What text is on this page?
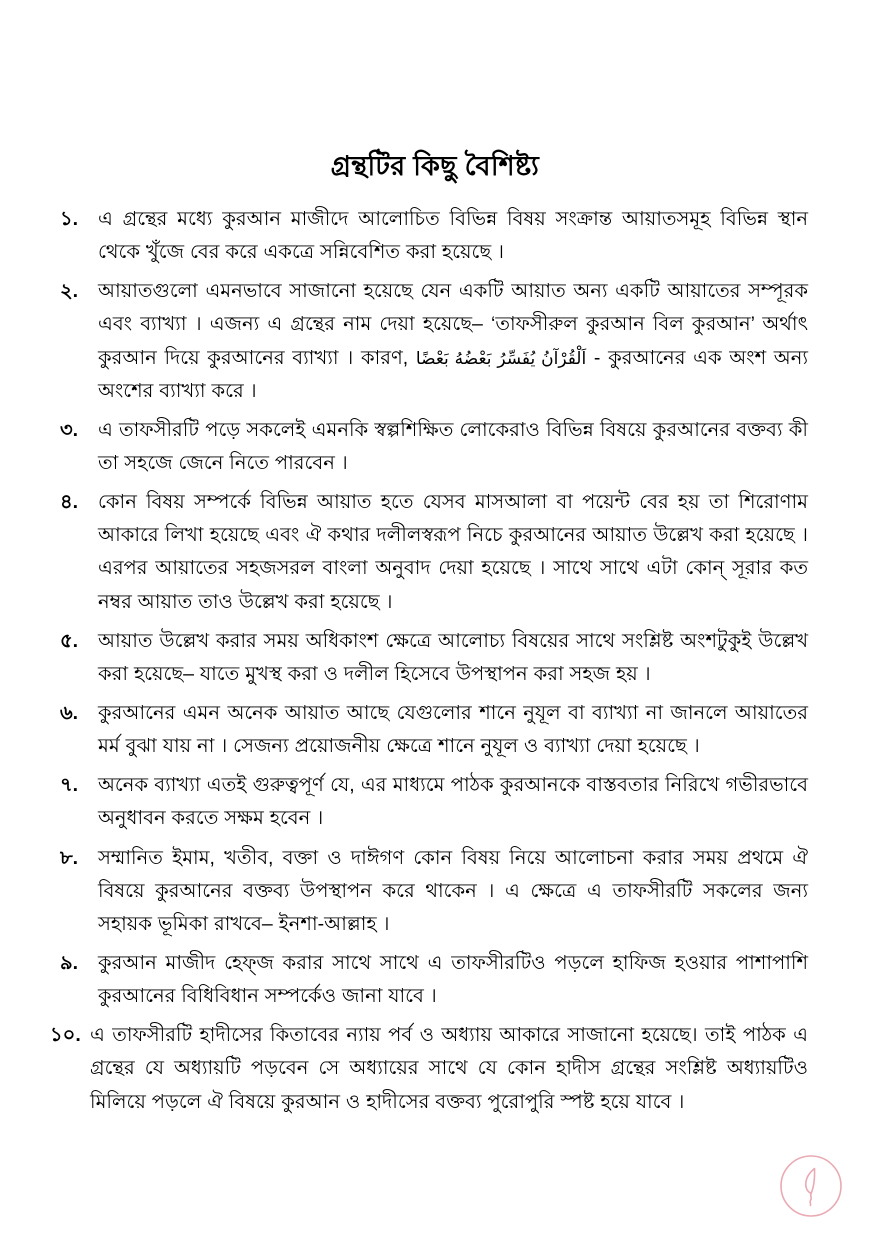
গ্রন্থটির কিছু বৈশিষ্ট্য
১.	এ গ্রন্থের মধ্যে কুরআন মাজীদে আলোচিত বিভিন্ন বিষয় সংক্রান্ত আয়াতসমূহ বিভিন্ন স্থান থেকে খুঁজে বের করে একত্রে সন্নিবেশিত করা হয়েছে ।
২.	আয়াতগুলো এমনভাবে সাজানো হয়েছে যেন একটি আয়াত অন্য একটি আয়াতের সম্পূরক এবং ব্যাখ্যা । এজন্য এ গ্রন্থের নাম দেয়া হয়েছে– ‘তাফসীরুল কুরআন বিল কুরআন’ অর্থাৎ কুরআন দিয়ে কুরআনের ব্যাখ্যা । কারণ, اَلْقُرْآنُ يُفَسِّرُ بَعْضُهُ بَعْضًا - কুরআনের এক অংশ অন্য অংশের ব্যাখ্যা করে ।
৩.	এ তাফসীরটি পড়ে সকলেই এমনকি স্বল্পশিক্ষিত লোকেরাও বিভিন্ন বিষয়ে কুরআনের বক্তব্য কী তা সহজে জেনে নিতে পারবেন ।
৪.	কোন বিষয় সম্পর্কে বিভিন্ন আয়াত হতে যেসব মাসআলা বা পয়েন্ট বের হয় তা শিরোণাম আকারে লিখা হয়েছে এবং ঐ কথার দলীলস্বরূপ নিচে কুরআনের আয়াত উল্লেখ করা হয়েছে । এরপর আয়াতের সহজসরল বাংলা অনুবাদ দেয়া হয়েছে । সাথে সাথে এটা কোন্ সূরার কত নম্বর আয়াত তাও উল্লেখ করা হয়েছে ।
৫.	আয়াত উল্লেখ করার সময় অধিকাংশ ক্ষেত্রে আলোচ্য বিষয়ের সাথে সংশ্লিষ্ট অংশটুকুই উল্লেখ করা হয়েছে– যাতে মুখস্থ করা ও দলীল হিসেবে উপস্থাপন করা সহজ হয় ।
৬.	কুরআনের এমন অনেক আয়াত আছে যেগুলোর শানে নুযূল বা ব্যাখ্যা না জানলে আয়াতের মর্ম বুঝা যায় না । সেজন্য প্রয়োজনীয় ক্ষেত্রে শানে নুযূল ও ব্যাখ্যা দেয়া হয়েছে ।
৭.	অনেক ব্যাখ্যা এতই গুরুত্বপূর্ণ যে, এর মাধ্যমে পাঠক কুরআনকে বাস্তবতার নিরিখে গভীরভাবে অনুধাবন করতে সক্ষম হবেন ।
৮.	সম্মানিত ইমাম, খতীব, বক্তা ও দাঈগণ কোন বিষয় নিয়ে আলোচনা করার সময় প্রথমে ঐ বিষয়ে কুরআনের বক্তব্য উপস্থাপন করে থাকেন । এ ক্ষেত্রে এ তাফসীরটি সকলের জন্য সহায়ক ভূমিকা রাখবে– ইনশা-আল্লাহ ।
৯.	কুরআন মাজীদ হেফ্জ করার সাথে সাথে এ তাফসীরটিও পড়লে হাফিজ হওয়ার পাশাপাশি কুরআনের বিধিবিধান সম্পর্কেও জানা যাবে ।
১০. এ তাফসীরটি হাদীসের কিতাবের ন্যায় পর্ব ও অধ্যায় আকারে সাজানো হয়েছে। তাই পাঠক এ গ্রন্থের যে অধ্যায়টি পড়বেন সে অধ্যায়ের সাথে যে কোন হাদীস গ্রন্থের সংশ্লিষ্ট অধ্যায়টিও মিলিয়ে পড়লে ঐ বিষয়ে কুরআন ও হাদীসের বক্তব্য পুরোপুরি স্পষ্ট হয়ে যাবে ।
